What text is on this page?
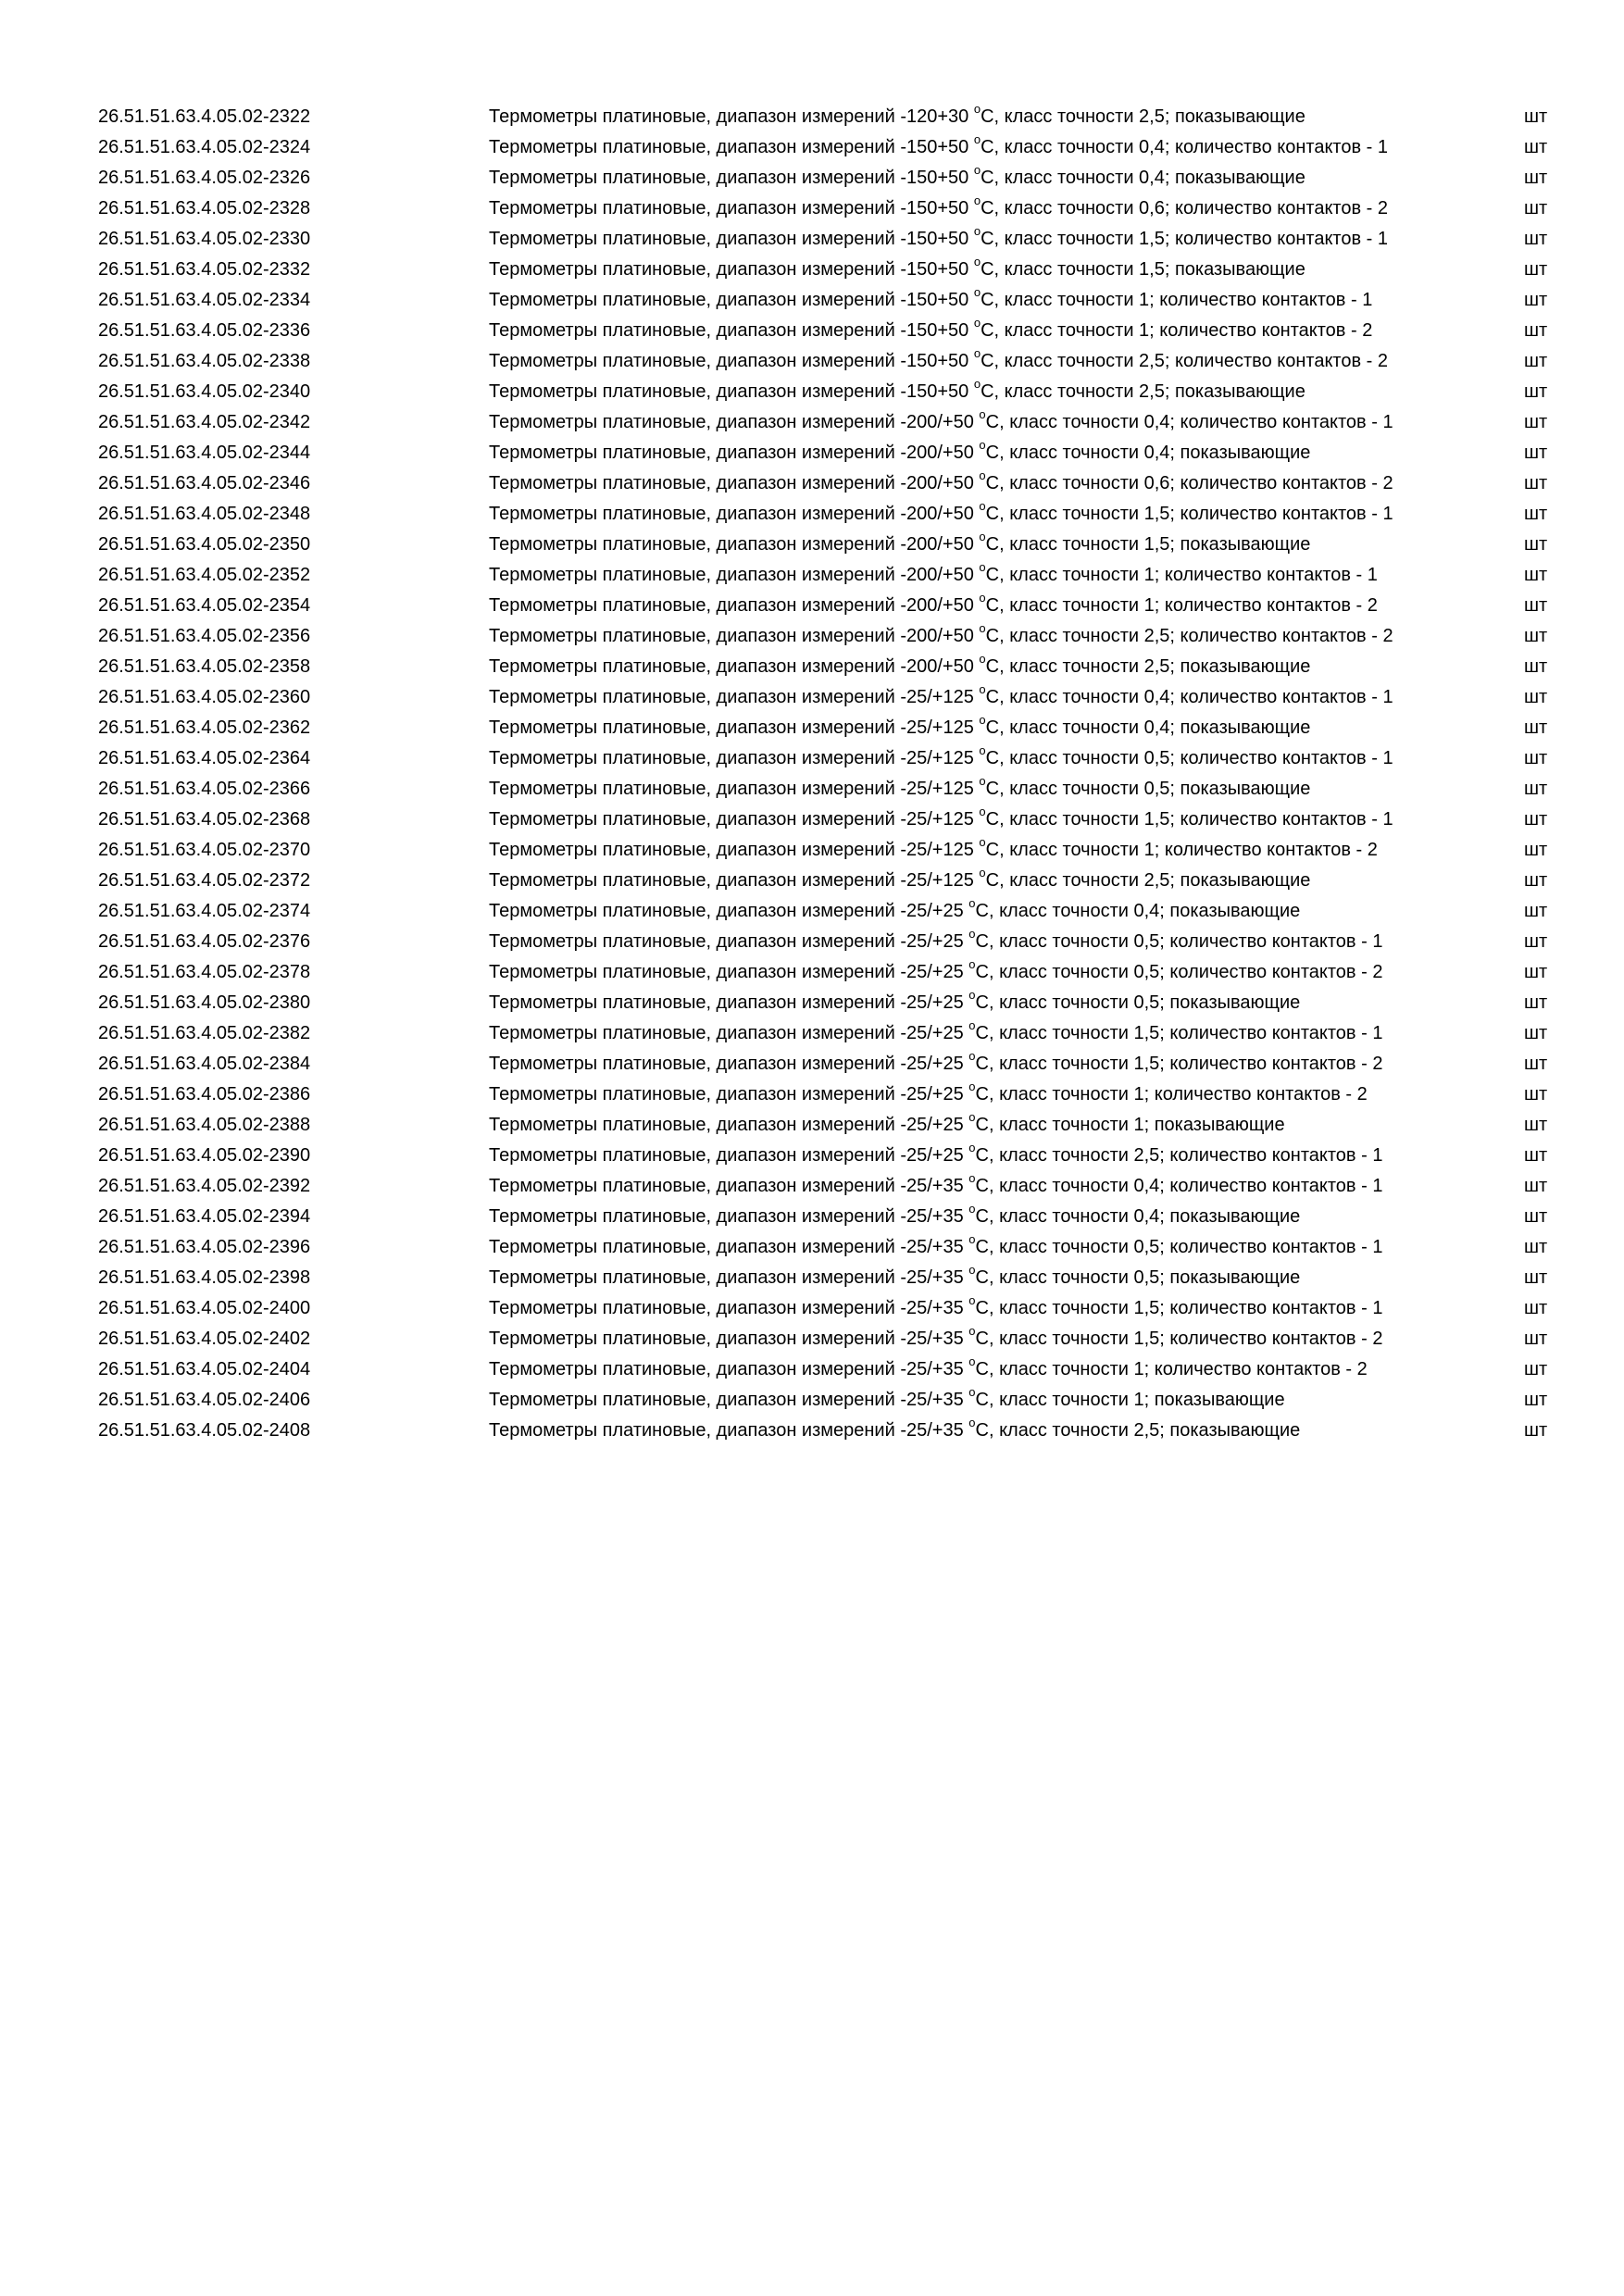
26.51.51.63.4.05.02-2322	Термометры платиновые, диапазон измерений -120+30 $^о$С, класс точности 2,5; показывающие	шт
26.51.51.63.4.05.02-2324	Термометры платиновые, диапазон измерений -150+50 $^о$С, класс точности 0,4; количество контактов - 1	шт
26.51.51.63.4.05.02-2326	Термометры платиновые, диапазон измерений -150+50 $^о$С, класс точности 0,4; показывающие	шт
26.51.51.63.4.05.02-2328	Термометры платиновые, диапазон измерений -150+50 $^о$С, класс точности 0,6; количество контактов - 2	шт
26.51.51.63.4.05.02-2330	Термометры платиновые, диапазон измерений -150+50 $^о$С, класс точности 1,5; количество контактов - 1	шт
26.51.51.63.4.05.02-2332	Термометры платиновые, диапазон измерений -150+50 $^о$С, класс точности 1,5; показывающие	шт
26.51.51.63.4.05.02-2334	Термометры платиновые, диапазон измерений -150+50 $^о$С, класс точности 1; количество контактов - 1	шт
26.51.51.63.4.05.02-2336	Термометры платиновые, диапазон измерений -150+50 $^о$С, класс точности 1; количество контактов - 2	шт
26.51.51.63.4.05.02-2338	Термометры платиновые, диапазон измерений -150+50 $^о$С, класс точности 2,5; количество контактов - 2	шт
26.51.51.63.4.05.02-2340	Термометры платиновые, диапазон измерений -150+50 $^о$С, класс точности 2,5; показывающие	шт
26.51.51.63.4.05.02-2342	Термометры платиновые, диапазон измерений -200/+50 $^о$С, класс точности 0,4; количество контактов - 1	шт
26.51.51.63.4.05.02-2344	Термометры платиновые, диапазон измерений -200/+50 $^о$С, класс точности 0,4; показывающие	шт
26.51.51.63.4.05.02-2346	Термометры платиновые, диапазон измерений -200/+50 $^о$С, класс точности 0,6; количество контактов - 2	шт
26.51.51.63.4.05.02-2348	Термометры платиновые, диапазон измерений -200/+50 $^о$С, класс точности 1,5; количество контактов - 1	шт
26.51.51.63.4.05.02-2350	Термометры платиновые, диапазон измерений -200/+50 $^о$С, класс точности 1,5; показывающие	шт
26.51.51.63.4.05.02-2352	Термометры платиновые, диапазон измерений -200/+50 $^о$С, класс точности 1; количество контактов - 1	шт
26.51.51.63.4.05.02-2354	Термометры платиновые, диапазон измерений -200/+50 $^о$С, класс точности 1; количество контактов - 2	шт
26.51.51.63.4.05.02-2356	Термометры платиновые, диапазон измерений -200/+50 $^о$С, класс точности 2,5; количество контактов - 2	шт
26.51.51.63.4.05.02-2358	Термометры платиновые, диапазон измерений -200/+50 $^о$С, класс точности 2,5; показывающие	шт
26.51.51.63.4.05.02-2360	Термометры платиновые, диапазон измерений -25/+125 $^о$С, класс точности 0,4; количество контактов - 1	шт
26.51.51.63.4.05.02-2362	Термометры платиновые, диапазон измерений -25/+125 $^о$С, класс точности 0,4; показывающие	шт
26.51.51.63.4.05.02-2364	Термометры платиновые, диапазон измерений -25/+125 $^о$С, класс точности 0,5; количество контактов - 1	шт
26.51.51.63.4.05.02-2366	Термометры платиновые, диапазон измерений -25/+125 $^о$С, класс точности 0,5; показывающие	шт
26.51.51.63.4.05.02-2368	Термометры платиновые, диапазон измерений -25/+125 $^о$С, класс точности 1,5; количество контактов - 1	шт
26.51.51.63.4.05.02-2370	Термометры платиновые, диапазон измерений -25/+125 $^о$С, класс точности 1; количество контактов - 2	шт
26.51.51.63.4.05.02-2372	Термометры платиновые, диапазон измерений -25/+125 $^о$С, класс точности 2,5; показывающие	шт
26.51.51.63.4.05.02-2374	Термометры платиновые, диапазон измерений -25/+25 $^о$С, класс точности 0,4; показывающие	шт
26.51.51.63.4.05.02-2376	Термометры платиновые, диапазон измерений -25/+25 $^о$С, класс точности 0,5; количество контактов - 1	шт
26.51.51.63.4.05.02-2378	Термометры платиновые, диапазон измерений -25/+25 $^о$С, класс точности 0,5; количество контактов - 2	шт
26.51.51.63.4.05.02-2380	Термометры платиновые, диапазон измерений -25/+25 $^о$С, класс точности 0,5; показывающие	шт
26.51.51.63.4.05.02-2382	Термометры платиновые, диапазон измерений -25/+25 $^о$С, класс точности 1,5; количество контактов - 1	шт
26.51.51.63.4.05.02-2384	Термометры платиновые, диапазон измерений -25/+25 $^о$С, класс точности 1,5; количество контактов - 2	шт
26.51.51.63.4.05.02-2386	Термометры платиновые, диапазон измерений -25/+25 $^о$С, класс точности 1; количество контактов - 2	шт
26.51.51.63.4.05.02-2388	Термометры платиновые, диапазон измерений -25/+25 $^о$С, класс точности 1; показывающие	шт
26.51.51.63.4.05.02-2390	Термометры платиновые, диапазон измерений -25/+25 $^о$С, класс точности 2,5; количество контактов - 1	шт
26.51.51.63.4.05.02-2392	Термометры платиновые, диапазон измерений -25/+35 $^о$С, класс точности 0,4; количество контактов - 1	шт
26.51.51.63.4.05.02-2394	Термометры платиновые, диапазон измерений -25/+35 $^о$С, класс точности 0,4; показывающие	шт
26.51.51.63.4.05.02-2396	Термометры платиновые, диапазон измерений -25/+35 $^о$С, класс точности 0,5; количество контактов - 1	шт
26.51.51.63.4.05.02-2398	Термометры платиновые, диапазон измерений -25/+35 $^о$С, класс точности 0,5; показывающие	шт
26.51.51.63.4.05.02-2400	Термометры платиновые, диапазон измерений -25/+35 $^о$С, класс точности 1,5; количество контактов - 1	шт
26.51.51.63.4.05.02-2402	Термометры платиновые, диапазон измерений -25/+35 $^о$С, класс точности 1,5; количество контактов - 2	шт
26.51.51.63.4.05.02-2404	Термометры платиновые, диапазон измерений -25/+35 $^о$С, класс точности 1; количество контактов - 2	шт
26.51.51.63.4.05.02-2406	Термометры платиновые, диапазон измерений -25/+35 $^о$С, класс точности 1; показывающие	шт
26.51.51.63.4.05.02-2408	Термометры платиновые, диапазон измерений -25/+35 $^о$С, класс точности 2,5; показывающие	шт
